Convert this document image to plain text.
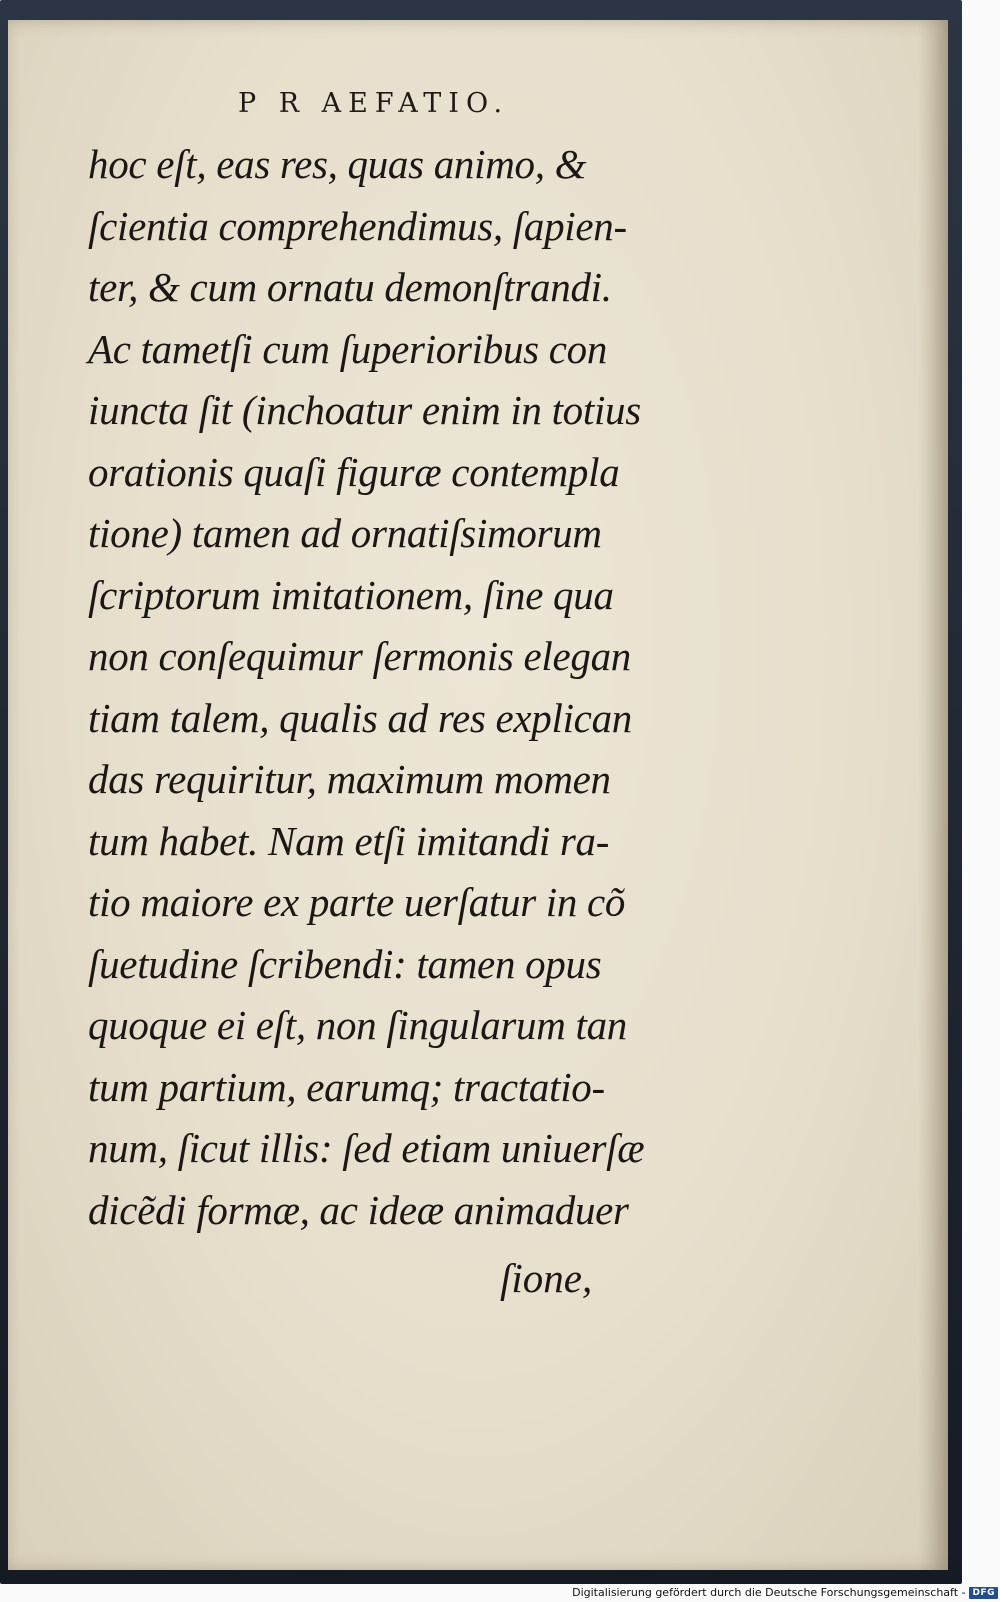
P R AEFATIO.
hoc eſt, eas res, quas animo, &
ſcientia comprehendimus, ſapien-
ter, & cum ornatu demonſtrandi.
Ac tametſi cum ſuperioribus con
iuncta ſit (inchoatur enim in totius
orationis quaſi figuræ contempla
tione) tamen ad ornatiſsimorum
ſcriptorum imitationem, ſine qua
non conſequimur ſermonis elegan
tiam talem, qualis ad res explican
das requiritur, maximum momen
tum habet. Nam etſi imitandi ra-
tio maiore ex parte uerſatur in cõ
ſuetudine ſcribendi: tamen opus
quoque ei eſt, non ſingularum tan
tum partium, earumq; tractatio-
num, ſicut illis: ſed etiam uniuerſæ
dicẽdi formæ, ac ideæ animaduer
ſione,
Digitalisierung gefördert durch die Deutsche Forschungsgemeinschaft - DFG
